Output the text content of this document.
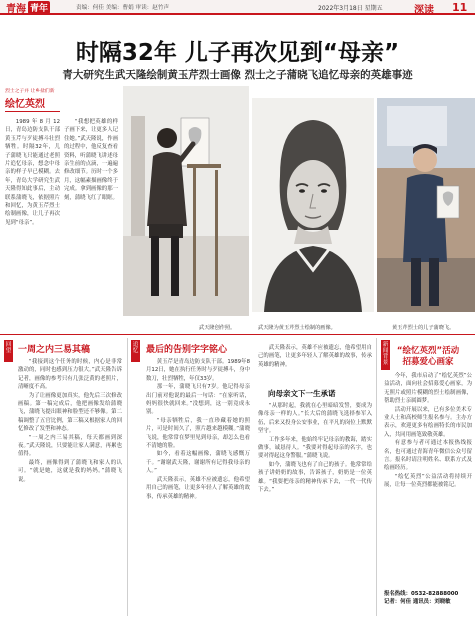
青海 青年	责编：何佳 美编：曹娟 审读：赵竹声	2022年3月18日 星期五	深读 11
时隔32年 儿子再次见到“母亲”
青大研究生武天隆绘制黄玉芹烈士画像 烈士之子蒲晓飞追忆母亲的英雄事迹
烈士之子并 让乡盐们新
绘忆英烈

1989年8月12日，青岛边防支队干部黄玉芹与歹徒搏斗壮烈牺牲。时隔32年，儿子蒲晓飞只能通过老照片追忆母亲，想念中母亲的样子早已模糊。去年，青岛大学研究生武天隆得知此事后，主动联系蒲晓飞，依据照片和回忆，为黄玉芹烈士绘制画像，让儿子再次见到“母亲”。

“我想把英雄的样子画下来，让更多人记住她。”武天隆说，作画的过程中，他反复查看资料，听蒲晓飞讲述母亲生前的点滴，一遍遍修改细节。历时一个多月，这幅素描画像终于完成。拿到画像的那一刻，蒲晓飞红了眼眶。

武天隆创作照。	武天隆为黄玉芹烈士绘制的画像。	黄玉芹烈士的儿子蒲晓飞。
回望 一周之内三易其稿

“我接到这个任务的时候，内心是非常激动的，同时也感到压力很大。”武天隆告诉记者，画像的参考只有几张泛黄的老照片，清晰度不高。

为了让画像更加真实，他先后三次修改画稿。第一稿完成后，他把画像发给蒲晓飞，蒲晓飞提出眼神和脸型还不够像。第二稿调整了五官比例，第三稿又根据家人的回忆修改了发型和神态。

“一周之内三易其稿，每天都画到深夜。”武天隆说，只要能让家人满意，再累也值得。

最终，画像得到了蒲晓飞和家人的认可。“就是她，这就是我的妈妈。”蒲晓飞说。

追忆 最后的告别字字铭心

黄玉芹是青岛边防支队干部。1989年8月12日，她在执行任务时与歹徒搏斗，身中数刀，壮烈牺牲，年仅33岁。

那一年，蒲晓飞只有7岁。他记得母亲出门前对他说的最后一句话：“在家听话，妈妈很快就回来。”没想到，这一别竟成永别。

“母亲牺牲后，我一直珍藏着她的照片，可是时间久了，照片越来越模糊。”蒲晓飞说，他常常在梦里见到母亲，却怎么也看不清她的脸。

如今，看着这幅画像，蒲晓飞感慨万千。“谢谢武天隆，谢谢所有记得我母亲的人。”

武天隆表示，英雄不应被遗忘，他希望用自己的画笔，让更多年轻人了解英雄的故事，传承英雄的精神。

向母亲文下一生承诺

武天隆表示，英雄不应被遗忘，他希望用自己的画笔，让更多年轻人了解英雄的故事，传承英雄的精神。

“从那时起，我就在心里暗暗发誓，要成为像母亲一样的人。”长大后的蒲晓飞选择参军入伍，后来又投身公安事业，在平凡的岗位上默默坚守。

工作多年来，他始终牢记母亲的教诲，踏实做事，诚恳待人。“我要对得起母亲的名字，也要对得起这身警服。”蒲晓飞说。

如今，蒲晓飞也有了自己的孩子。他常常给孩子讲奶奶的故事，告诉孩子，奶奶是一位英雄。“我要把母亲的精神传承下去，一代一代传下去。”

新闻背景
“绘忆英烈”活动
招募爱心画家

今年，我市启动了“绘忆英烈”公益活动，面向社会招募爱心画家，为无照片或照片模糊的烈士绘制画像，帮助烈士亲属圆梦。

活动开展以来，已有多位美术专业人士和高校师生报名参与。主办方表示，欢迎更多有绘画特长的市民加入，共同用画笔致敬英雄。

有意参与者可通过本报热线报名，也可通过青海青年微信公众号留言。报名时请注明姓名、联系方式及绘画经历。

“绘忆英烈”公益活动将持续开展，让每一位英烈都能被铭记。

报名热线：0532-82888000
记者：何佳 通讯员：刘晓敏
